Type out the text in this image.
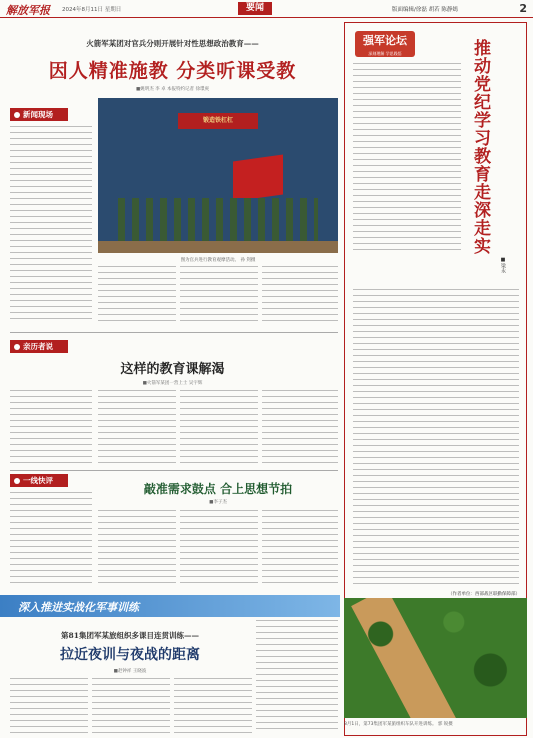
解放军报 2024年8月11日 星期日	要闻	版面编辑/徐磊 胡若 陈静嫣	2
火箭军某团对官兵分则开展针对性思想政治教育——
因人精准施教 分类听课受教
■姚明杰 李 卓 本报特约记者 徐璟庚
新闻现场
锻造铁杠杠
图为官兵进行教育观摩活动。 孙 剑摄
亲历者说
这样的教育课解渴
■火箭军某团一营上士 吴宇辉
一线快评
敲准需求鼓点 合上思想节拍
■李子杰
强军论坛
深刻理解 学思践悟	推动党纪学习教育走深走实
■梁永
（作者单位：西部战区联勤保障部）
深入推进实战化军事训练
第81集团军某旅组织多课目连贯训练——
拉近夜训与夜战的距离
■赵钟祥 王晓波
8月1日，第73集团军某旅组织车队开进训练。 郭 锐摄
